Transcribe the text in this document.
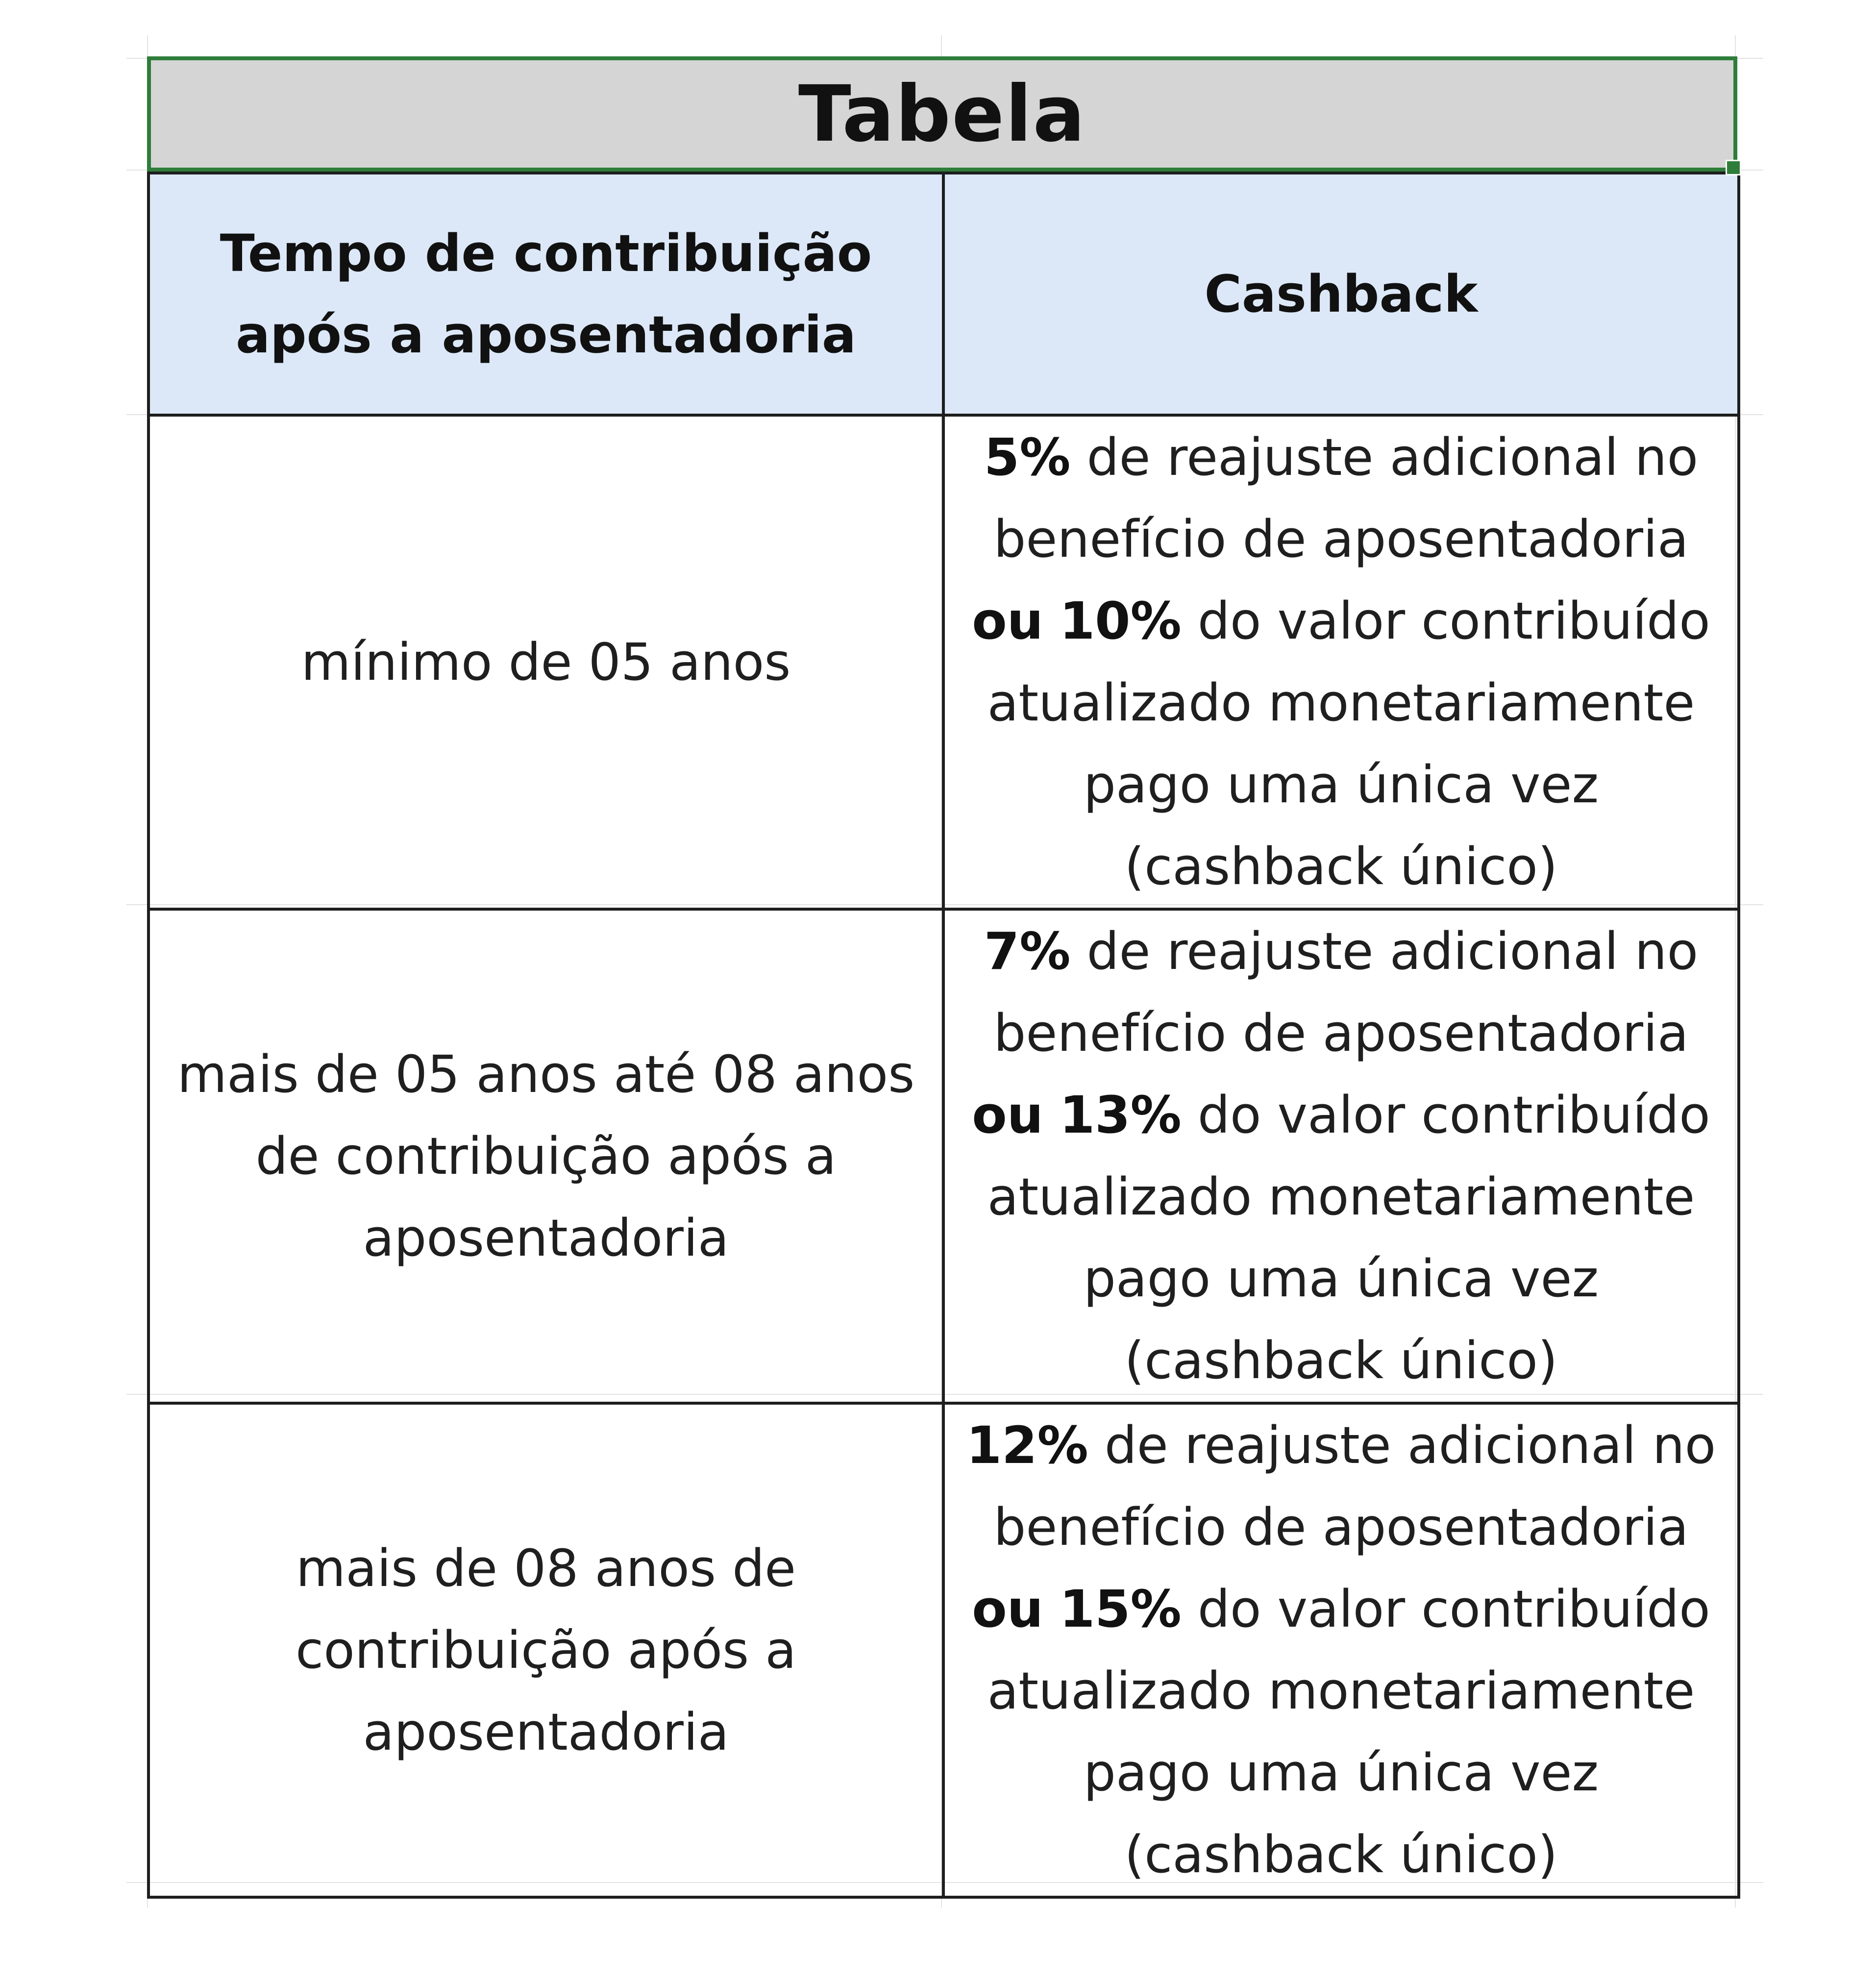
Tabela
Tempo de contribuição após a aposentadoria	Cashback
mínimo de 05 anos	5% de reajuste adicional no benefício de aposentadoria ou 10% do valor contribuído atualizado monetariamente pago uma única vez (cashback único)
mais de 05 anos até 08 anos de contribuição após a aposentadoria	7% de reajuste adicional no benefício de aposentadoria ou 13% do valor contribuído atualizado monetariamente pago uma única vez (cashback único)
mais de 08 anos de contribuição após a aposentadoria	12% de reajuste adicional no benefício de aposentadoria ou 15% do valor contribuído atualizado monetariamente pago uma única vez (cashback único)
